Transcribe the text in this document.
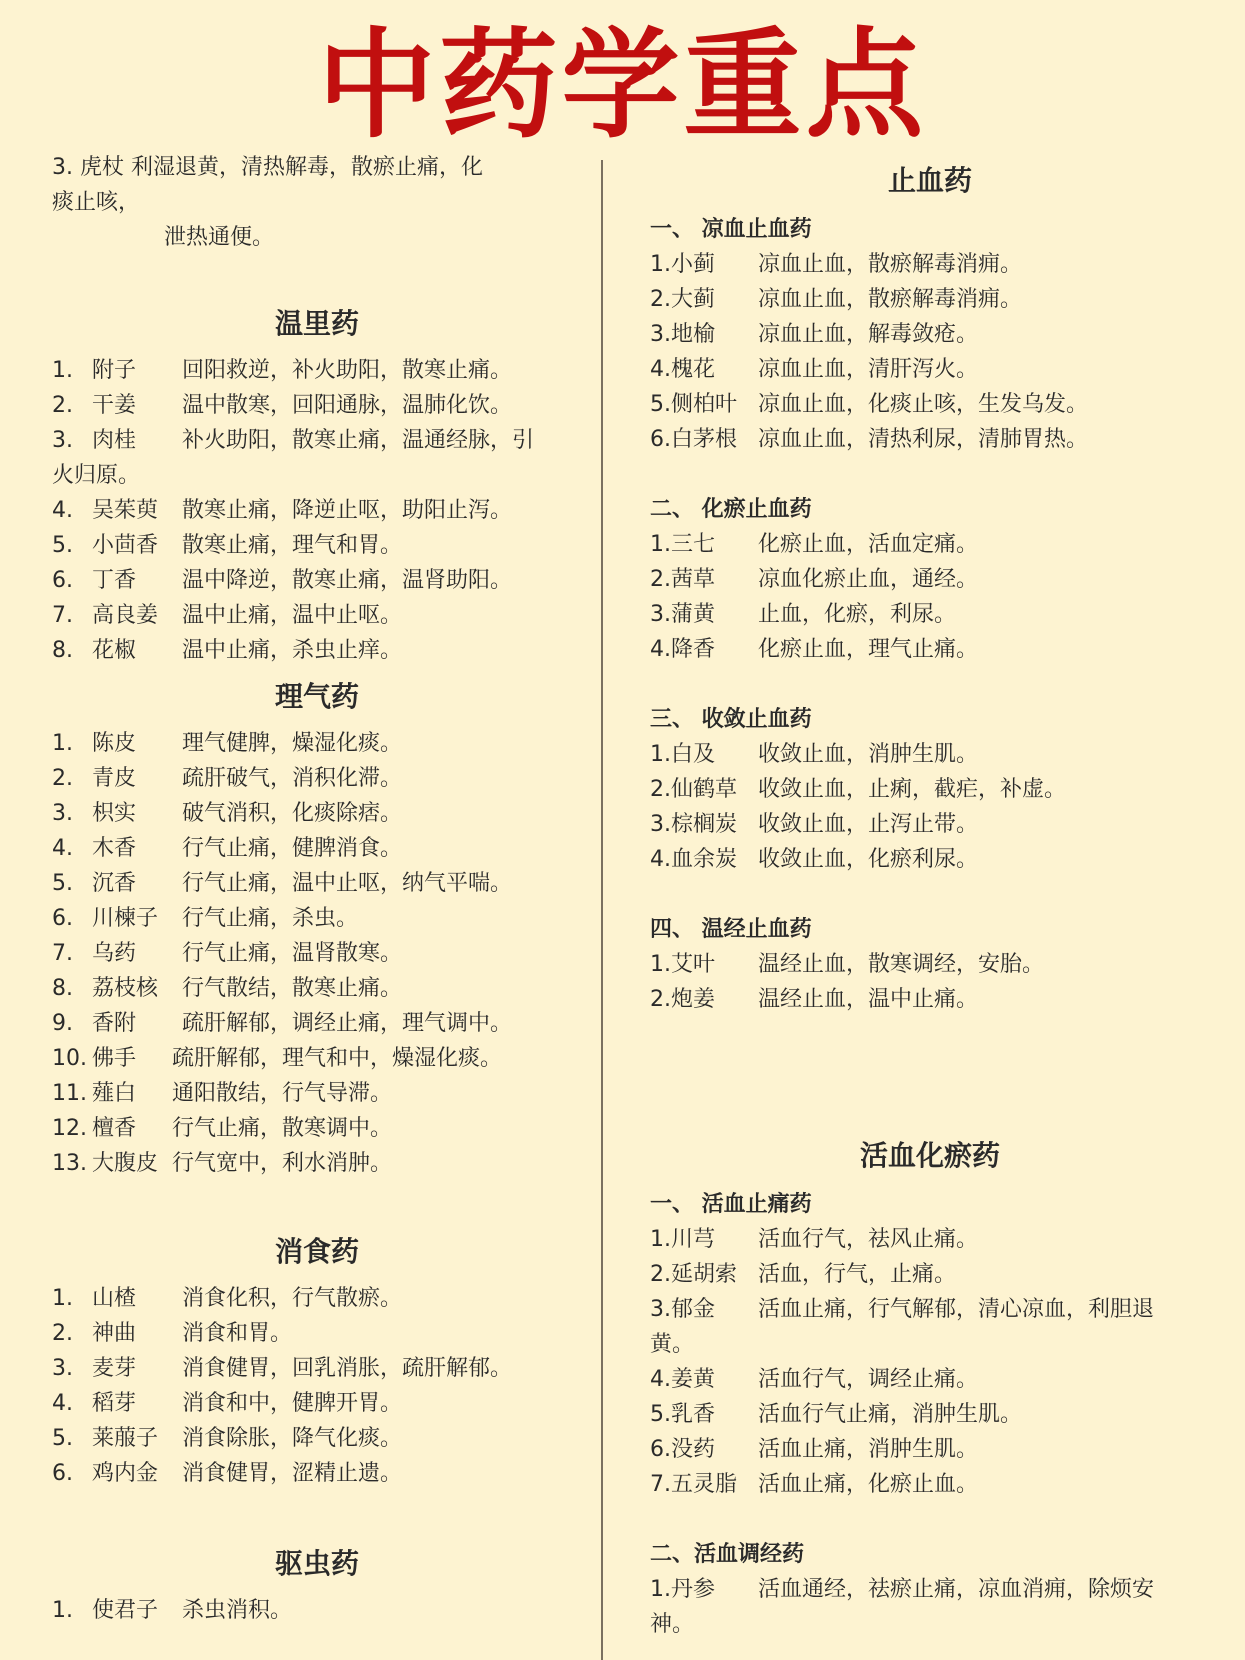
中药学重点
3. 虎杖 利湿退黄，清热解毒，散瘀止痛，化
痰止咳，
泄热通便。
温里药
1. 附子 回阳救逆，补火助阳，散寒止痛。
2. 干姜 温中散寒，回阳通脉，温肺化饮。
3. 肉桂 补火助阳，散寒止痛，温通经脉，引
火归原。
4. 吴茱萸 散寒止痛，降逆止呕，助阳止泻。
5. 小茴香 散寒止痛，理气和胃。
6. 丁香 温中降逆，散寒止痛，温肾助阳。
7. 高良姜 温中止痛，温中止呕。
8. 花椒 温中止痛，杀虫止痒。
理气药
1. 陈皮 理气健脾，燥湿化痰。
2. 青皮 疏肝破气，消积化滞。
3. 枳实 破气消积，化痰除痞。
4. 木香 行气止痛，健脾消食。
5. 沉香 行气止痛，温中止呕，纳气平喘。
6. 川楝子 行气止痛，杀虫。
7. 乌药 行气止痛，温肾散寒。
8. 荔枝核 行气散结，散寒止痛。
9. 香附 疏肝解郁，调经止痛，理气调中。
10. 佛手 疏肝解郁，理气和中，燥湿化痰。
11. 薤白 通阳散结，行气导滞。
12. 檀香 行气止痛，散寒调中。
13. 大腹皮 行气宽中，利水消肿。
消食药
1. 山楂 消食化积，行气散瘀。
2. 神曲 消食和胃。
3. 麦芽 消食健胃，回乳消胀，疏肝解郁。
4. 稻芽 消食和中，健脾开胃。
5. 莱菔子 消食除胀，降气化痰。
6. 鸡内金 消食健胃，涩精止遗。
驱虫药
1. 使君子 杀虫消积。
止血药
一、 凉血止血药
1.小蓟 凉血止血，散瘀解毒消痈。
2.大蓟 凉血止血，散瘀解毒消痈。
3.地榆 凉血止血，解毒敛疮。
4.槐花 凉血止血，清肝泻火。
5.侧柏叶 凉血止血，化痰止咳，生发乌发。
6.白茅根 凉血止血，清热利尿，清肺胃热。
二、 化瘀止血药
1.三七 化瘀止血，活血定痛。
2.茜草 凉血化瘀止血，通经。
3.蒲黄 止血，化瘀，利尿。
4.降香 化瘀止血，理气止痛。
三、 收敛止血药
1.白及 收敛止血，消肿生肌。
2.仙鹤草 收敛止血，止痢，截疟，补虚。
3.棕榈炭 收敛止血，止泻止带。
4.血余炭 收敛止血，化瘀利尿。
四、 温经止血药
1.艾叶 温经止血，散寒调经，安胎。
2.炮姜 温经止血，温中止痛。
活血化瘀药
一、 活血止痛药
1.川芎 活血行气，祛风止痛。
2.延胡索 活血，行气，止痛。
3.郁金 活血止痛，行气解郁，清心凉血，利胆退
黄。
4.姜黄 活血行气，调经止痛。
5.乳香 活血行气止痛，消肿生肌。
6.没药 活血止痛，消肿生肌。
7.五灵脂 活血止痛，化瘀止血。
二、活血调经药
1.丹参 活血通经，祛瘀止痛，凉血消痈，除烦安
神。
